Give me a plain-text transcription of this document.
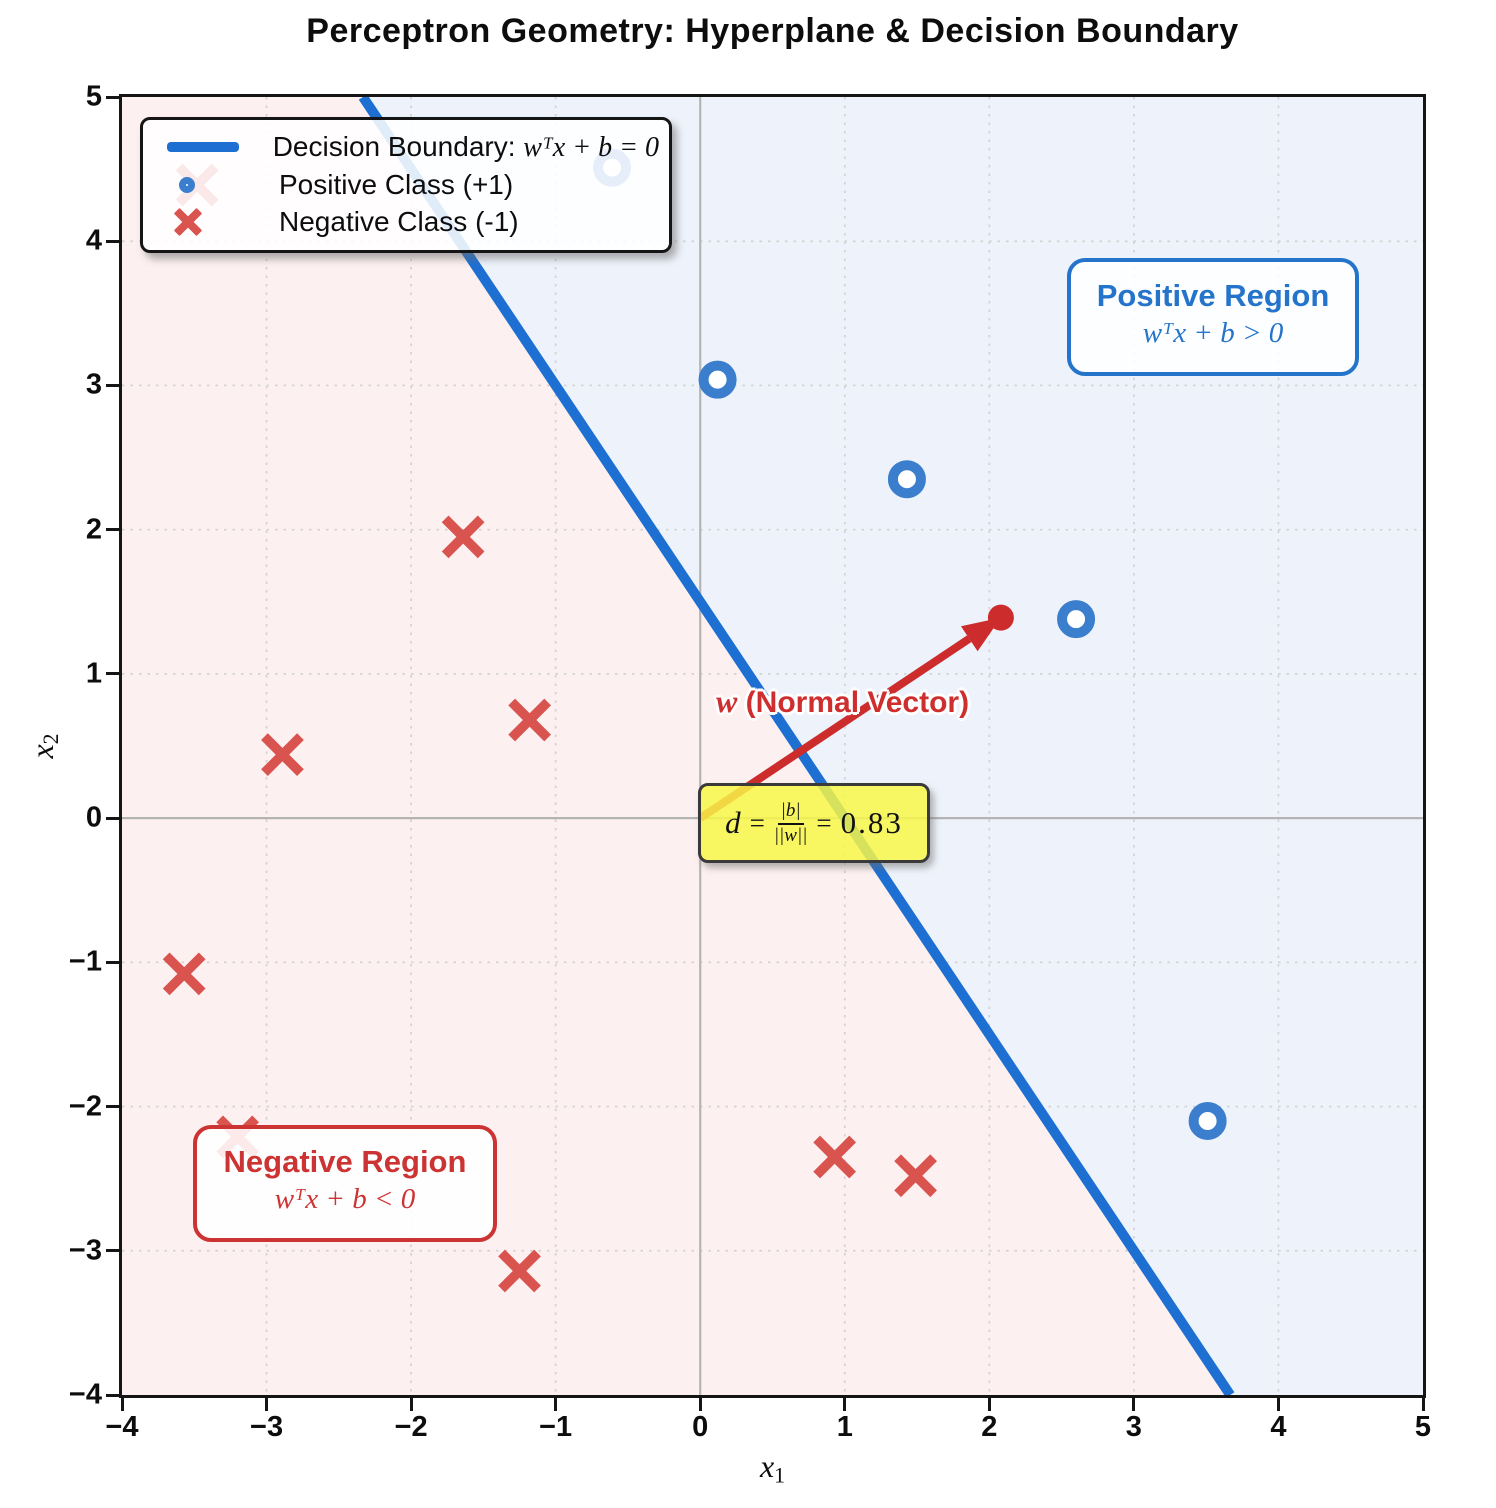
Perceptron Geometry: Hyperplane & Decision Boundary
x2
x1
−4	−3	−2	−1	0	1	2	3	4	5
−4
−3
−2
−1
0
1
2
3
4
5
Decision Boundary: wᵀx + b = 0
Positive Class (+1)
Negative Class (-1)
w (Normal Vector)
$d = \frac{|b|}{||w||} = 0.83$
Positive Region
wᵀx + b > 0
Negative Region
wᵀx + b < 0
